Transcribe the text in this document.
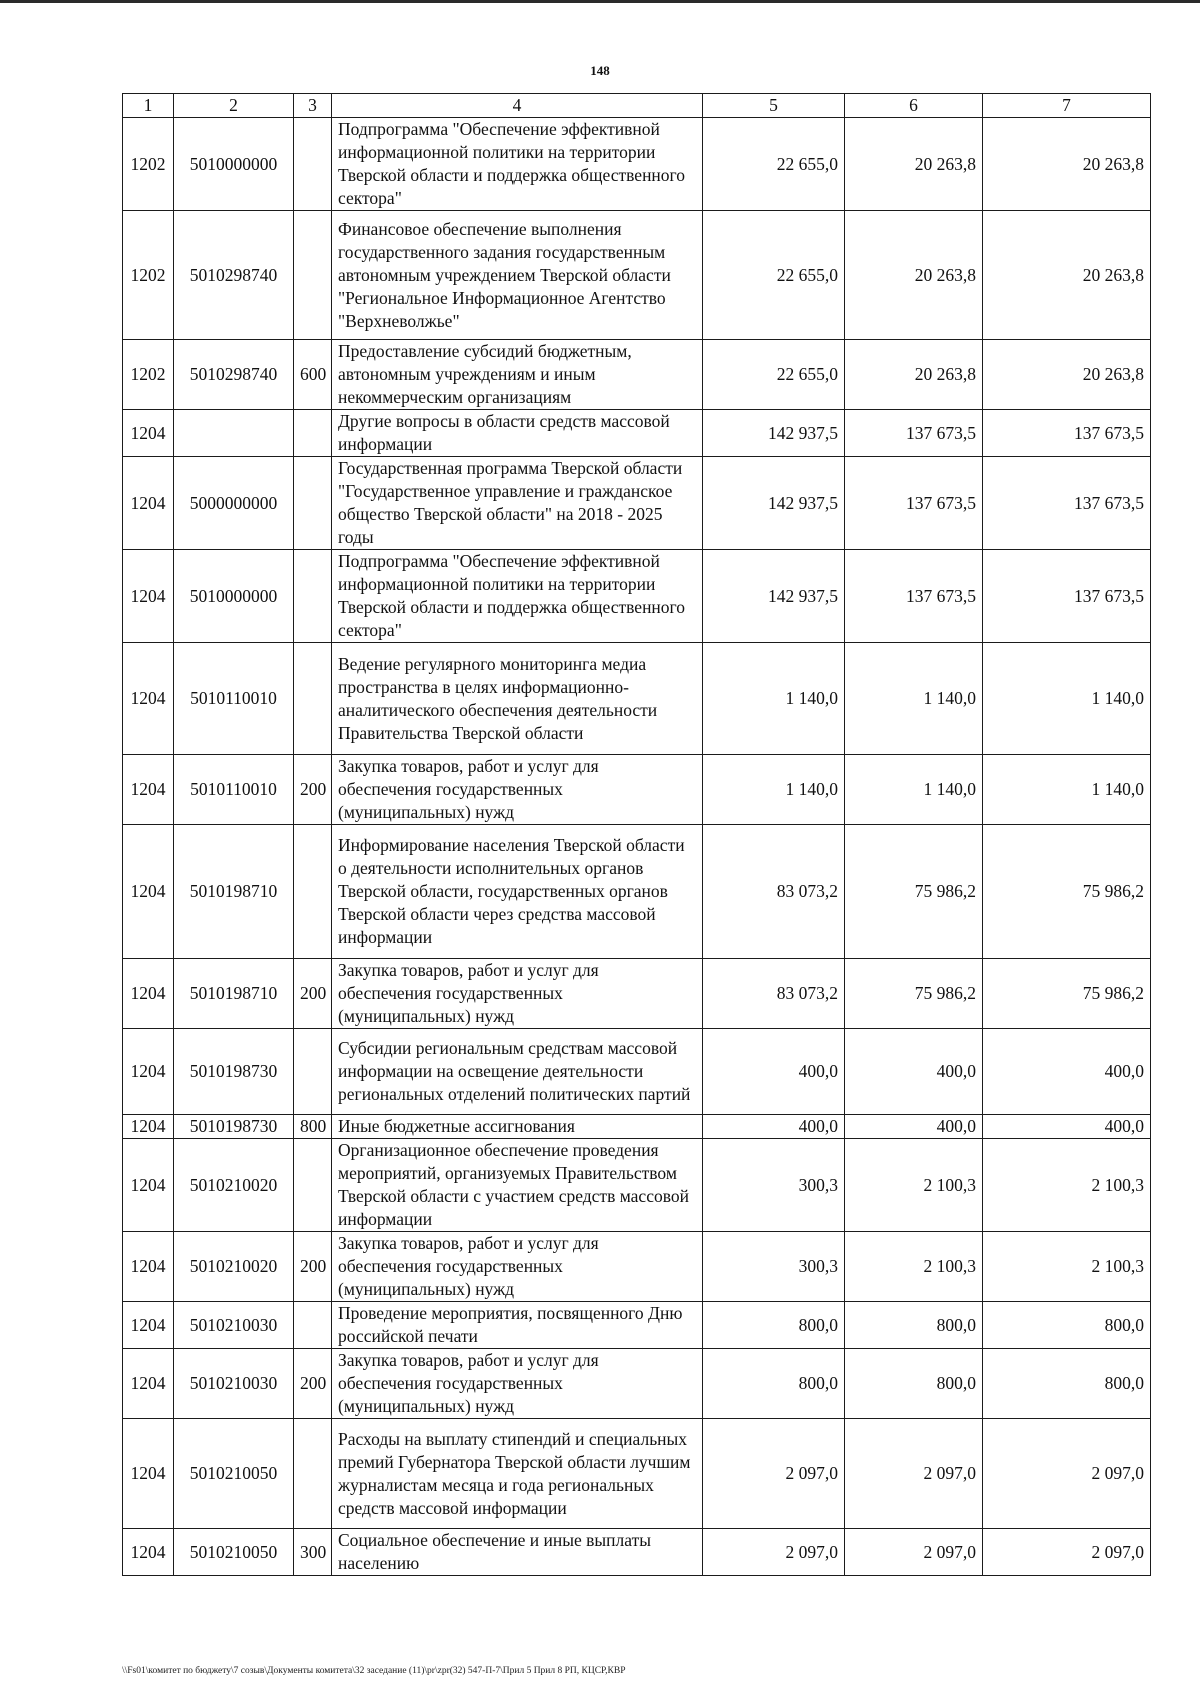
148
1	2	3	4	5	6	7
1202	5010000000		Подпрограмма "Обеспечение эффективной информационной политики на территории Тверской области и поддержка общественного сектора"	22 655,0	20 263,8	20 263,8
1202	5010298740		Финансовое обеспечение выполнения государственного задания государственным автономным учреждением Тверской области "Региональное Информационное Агентство "Верхневолжье"	22 655,0	20 263,8	20 263,8
1202	5010298740	600	Предоставление субсидий бюджетным, автономным учреждениям и иным некоммерческим организациям	22 655,0	20 263,8	20 263,8
1204			Другие вопросы в области средств массовой информации	142 937,5	137 673,5	137 673,5
1204	5000000000		Государственная программа Тверской области "Государственное управление и гражданское общество Тверской области" на 2018 - 2025 годы	142 937,5	137 673,5	137 673,5
1204	5010000000		Подпрограмма "Обеспечение эффективной информационной политики на территории Тверской области и поддержка общественного сектора"	142 937,5	137 673,5	137 673,5
1204	5010110010		Ведение регулярного мониторинга медиа пространства в целях информационно-аналитического обеспечения деятельности Правительства Тверской области	1 140,0	1 140,0	1 140,0
1204	5010110010	200	Закупка товаров, работ и услуг для обеспечения государственных (муниципальных) нужд	1 140,0	1 140,0	1 140,0
1204	5010198710		Информирование населения Тверской области о деятельности исполнительных органов Тверской области, государственных органов Тверской области через средства массовой информации	83 073,2	75 986,2	75 986,2
1204	5010198710	200	Закупка товаров, работ и услуг для обеспечения государственных (муниципальных) нужд	83 073,2	75 986,2	75 986,2
1204	5010198730		Субсидии региональным средствам массовой информации на освещение деятельности региональных отделений политических партий	400,0	400,0	400,0
1204	5010198730	800	Иные бюджетные ассигнования	400,0	400,0	400,0
1204	5010210020		Организационное обеспечение проведения мероприятий, организуемых Правительством Тверской области с участием средств массовой информации	300,3	2 100,3	2 100,3
1204	5010210020	200	Закупка товаров, работ и услуг для обеспечения государственных (муниципальных) нужд	300,3	2 100,3	2 100,3
1204	5010210030		Проведение мероприятия, посвященного Дню российской печати	800,0	800,0	800,0
1204	5010210030	200	Закупка товаров, работ и услуг для обеспечения государственных (муниципальных) нужд	800,0	800,0	800,0
1204	5010210050		Расходы на выплату стипендий и специальных премий Губернатора Тверской области лучшим журналистам месяца и года региональных средств массовой информации	2 097,0	2 097,0	2 097,0
1204	5010210050	300	Социальное обеспечение и иные выплаты населению	2 097,0	2 097,0	2 097,0
\\Fs01\комитет по бюджету\7 созыв\Документы комитета\32 заседание (11)\pr\zpr(32) 547-П-7\Прил 5 Прил 8 РП, КЦСР,КВР
